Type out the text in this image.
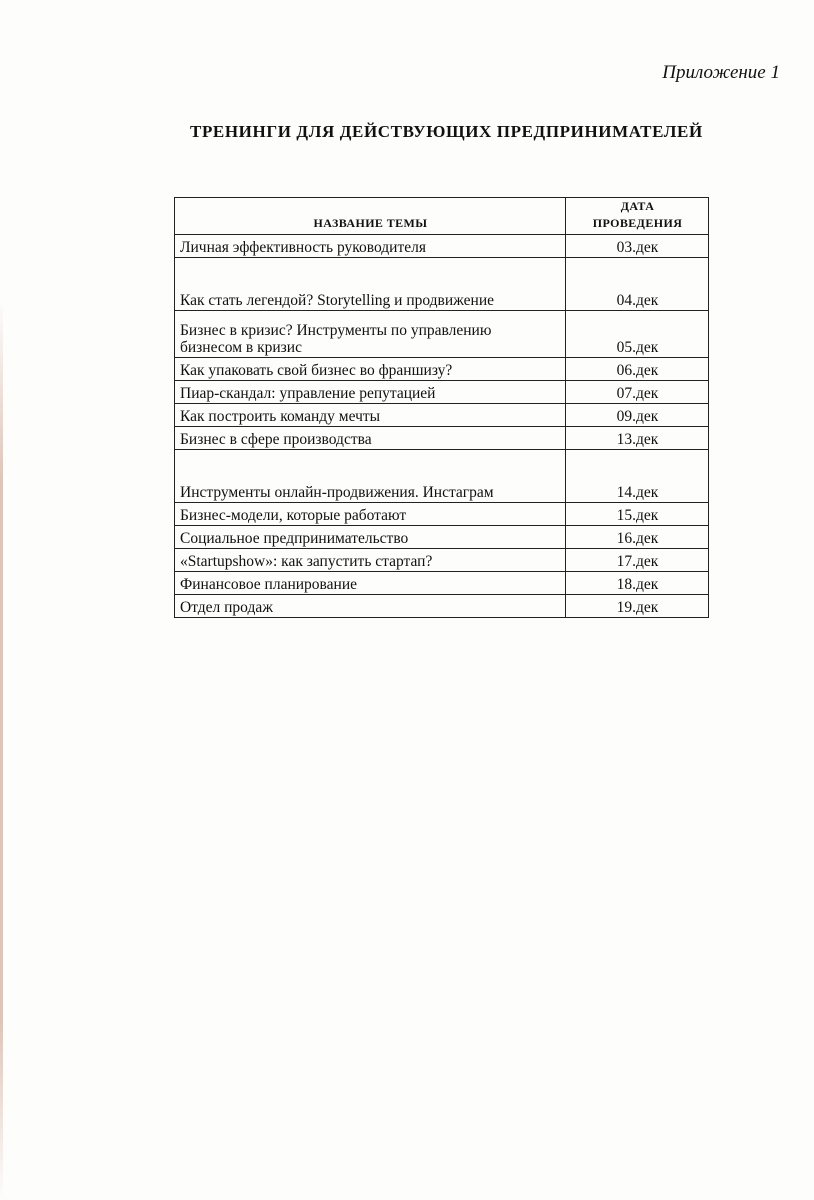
Приложение 1
ТРЕНИНГИ ДЛЯ ДЕЙСТВУЮЩИХ ПРЕДПРИНИМАТЕЛЕЙ
НАЗВАНИЕ ТЕМЫ	ДАТА
ПРОВЕДЕНИЯ

Личная эффективность руководителя	03.дек
Как стать легендой? Storytelling и продвижение	04.дек

Бизнес в кризис? Инструменты по управлению
бизнесом в кризис	05.дек
Как упаковать свой бизнес во франшизу?	06.дек
Пиар-скандал: управление репутацией	07.дек
Как построить команду мечты	09.дек
Бизнес в сфере производства	13.дек
Инструменты онлайн-продвижения. Инстаграм	14.дек
Бизнес-модели, которые работают	15.дек
Социальное предпринимательство	16.дек
«Startupshow»: как запустить стартап?	17.дек
Финансовое планирование	18.дек
Отдел продаж	19.дек
